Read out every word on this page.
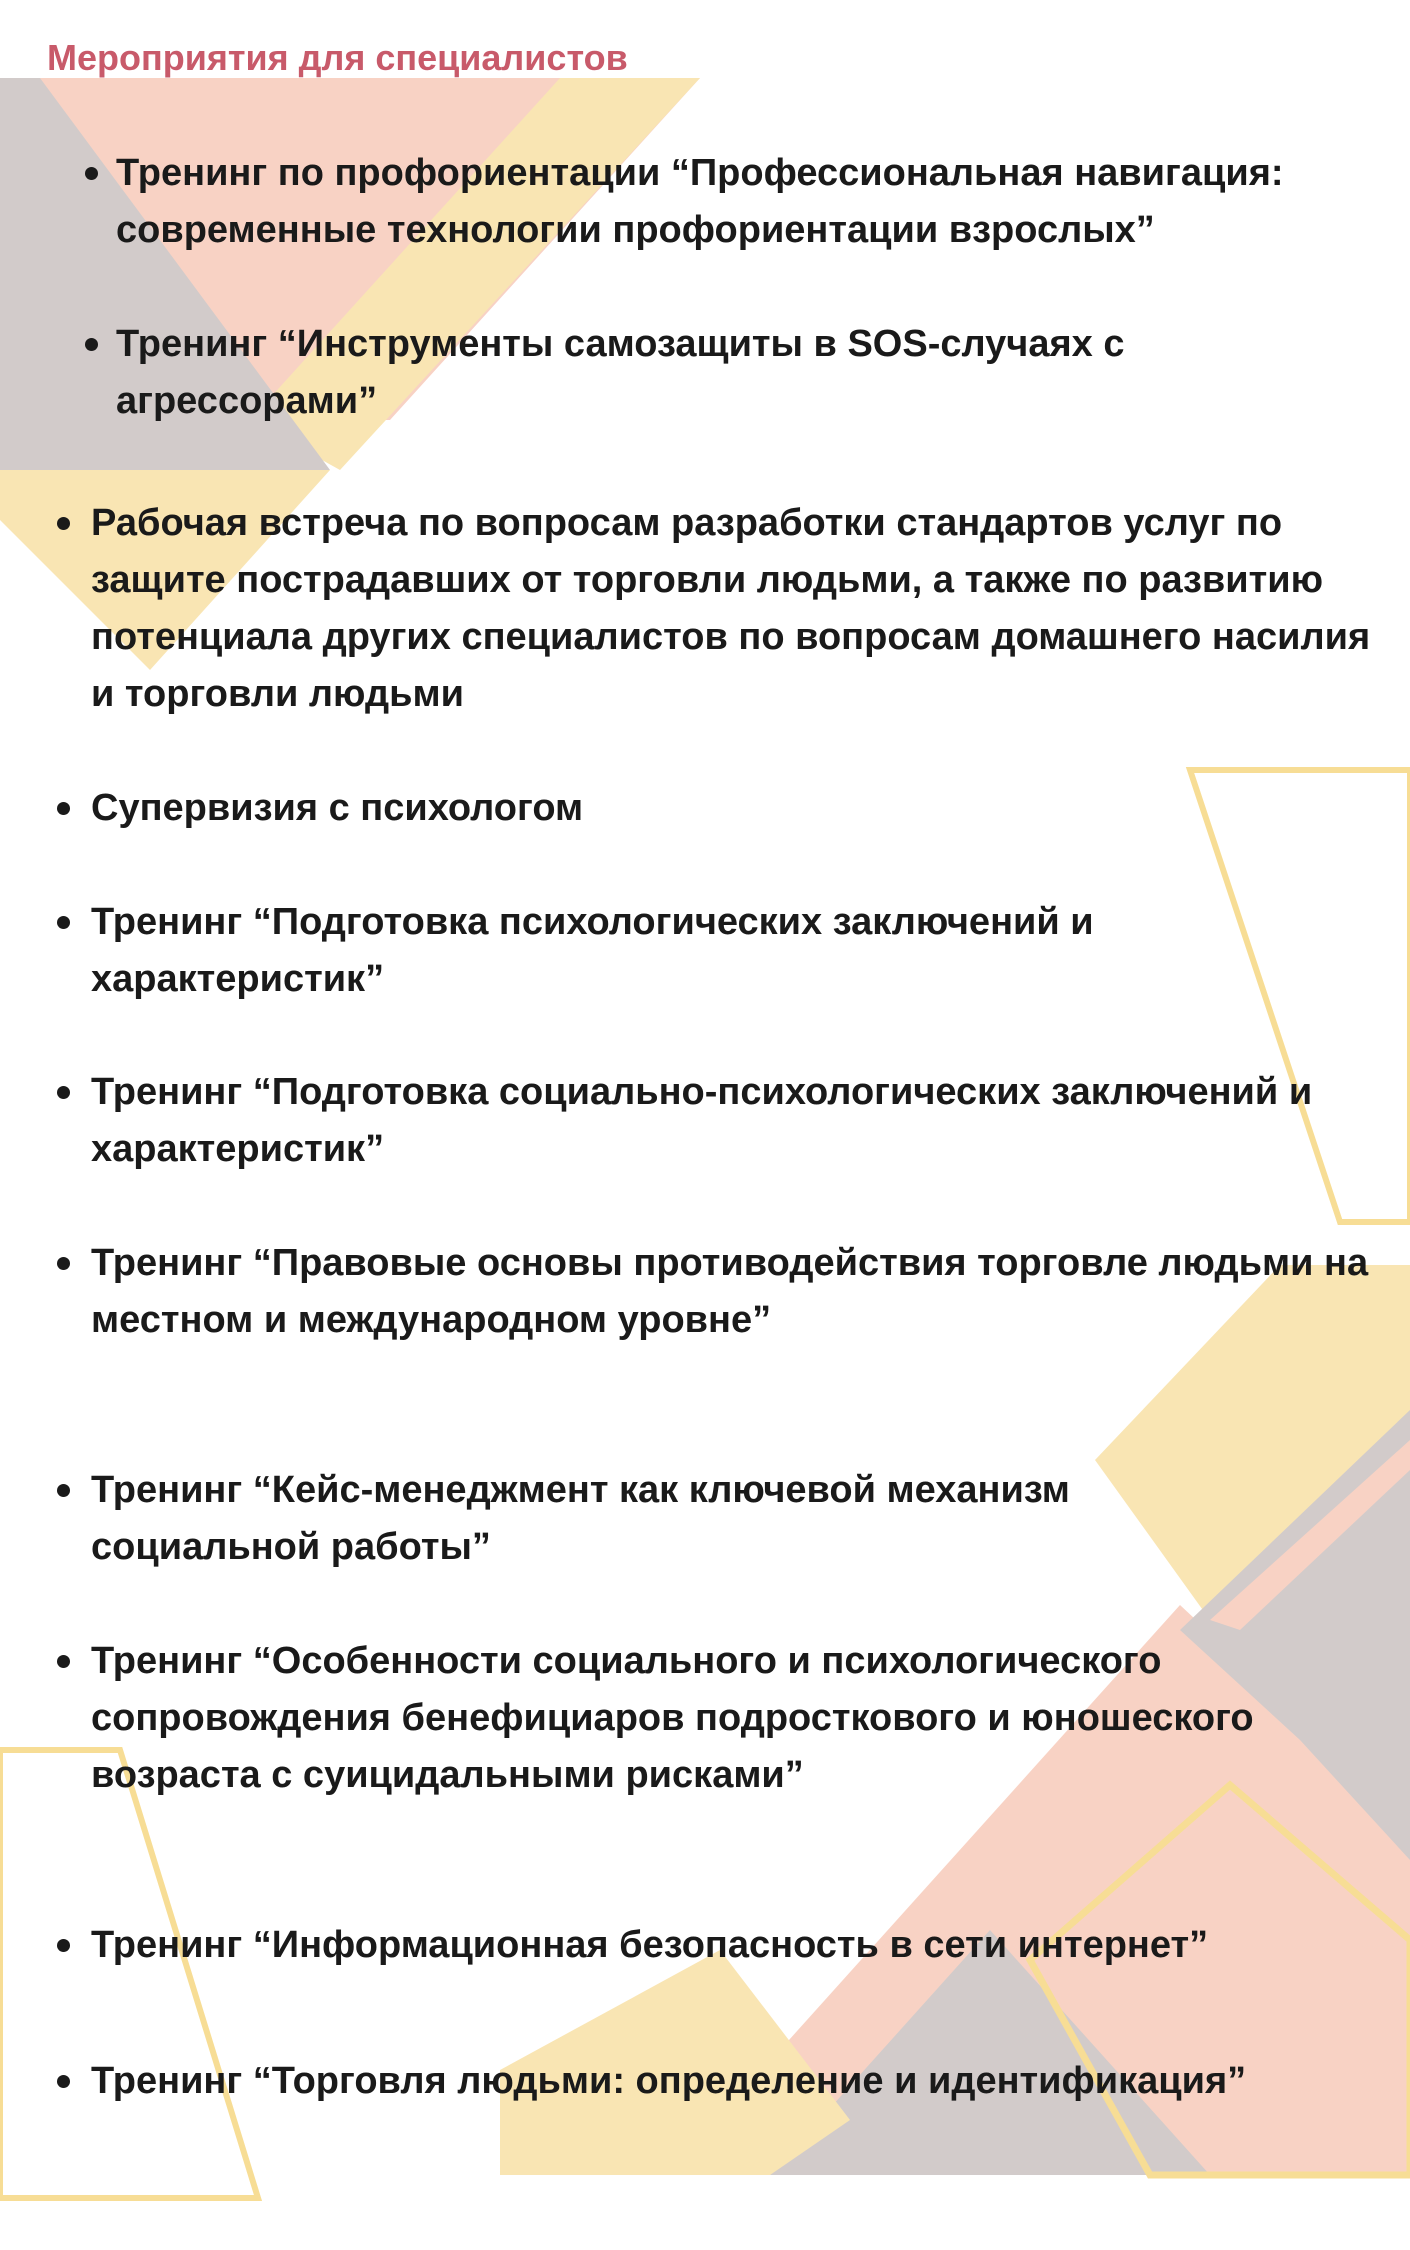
Мероприятия для специалистов

Тренинг по профориентации “Профессиональная навигация: современные технологии профориентации взрослых”

Тренинг “Инструменты самозащиты в SOS-случаях с агрессорами”

Рабочая встреча по вопросам разработки стандартов услуг по защите пострадавших от торговли людьми, а также по развитию потенциала других специалистов по вопросам домашнего насилия и торговли людьми

Супервизия с психологом

Тренинг “Подготовка психологических заключений и характеристик”

Тренинг “Подготовка социально-психологических заключений и характеристик”

Тренинг “Правовые основы противодействия торговле людьми на местном и международном уровне”

Тренинг “Кейс-менеджмент как ключевой механизм социальной работы”

Тренинг “Особенности социального и психологического сопровождения бенефициаров подросткового и юношеского возраста с суицидальными рисками”

Тренинг “Информационная безопасность в сети интернет”

Тренинг “Торговля людьми: определение и идентификация”
